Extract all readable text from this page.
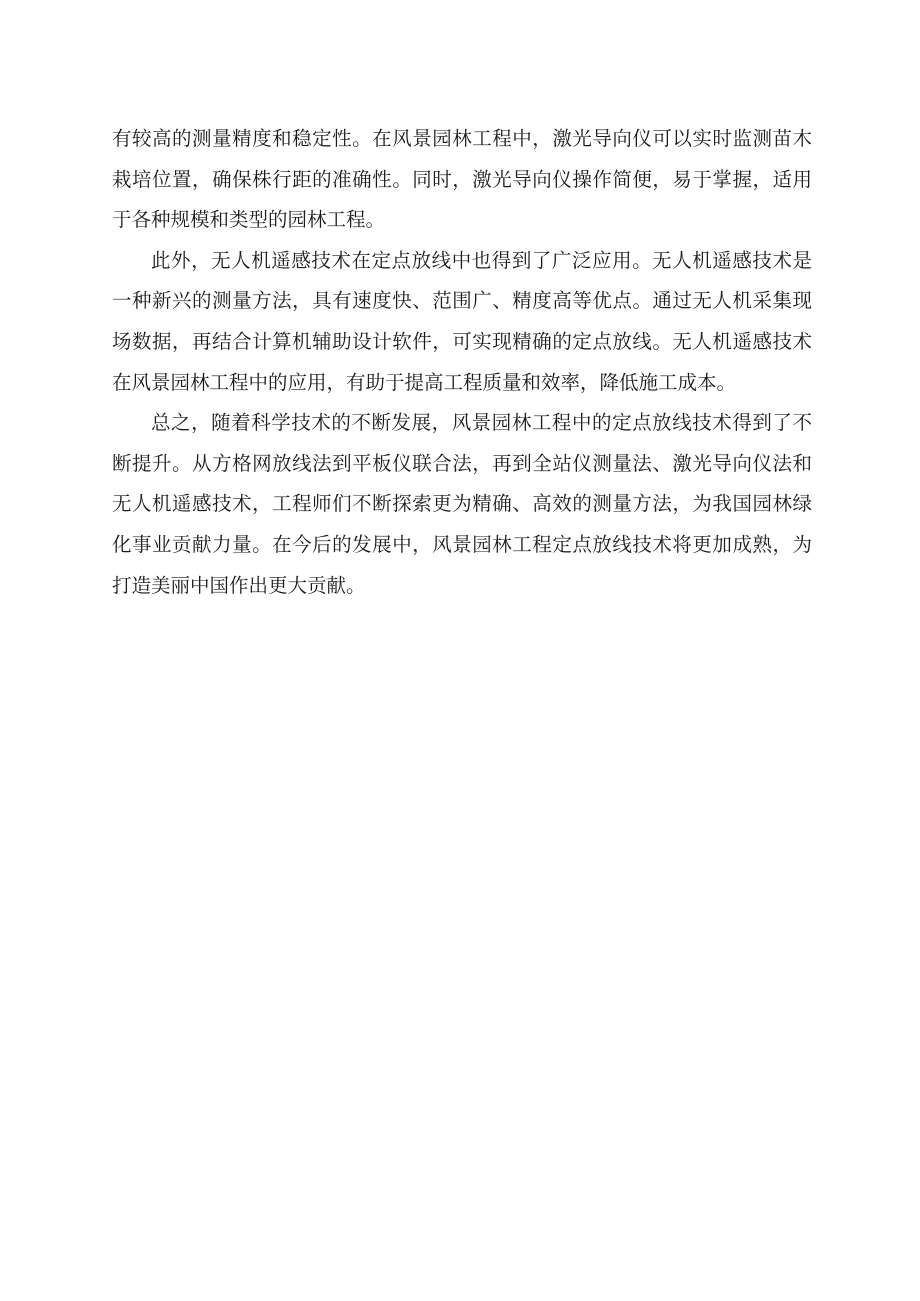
有较高的测量精度和稳定性。在风景园林工程中，激光导向仪可以实时监测苗木
栽培位置，确保株行距的准确性。同时，激光导向仪操作简便，易于掌握，适用
于各种规模和类型的园林工程。
此外，无人机遥感技术在定点放线中也得到了广泛应用。无人机遥感技术是
一种新兴的测量方法，具有速度快、范围广、精度高等优点。通过无人机采集现
场数据，再结合计算机辅助设计软件，可实现精确的定点放线。无人机遥感技术
在风景园林工程中的应用，有助于提高工程质量和效率，降低施工成本。
总之，随着科学技术的不断发展，风景园林工程中的定点放线技术得到了不
断提升。从方格网放线法到平板仪联合法，再到全站仪测量法、激光导向仪法和
无人机遥感技术，工程师们不断探索更为精确、高效的测量方法，为我国园林绿
化事业贡献力量。在今后的发展中，风景园林工程定点放线技术将更加成熟，为
打造美丽中国作出更大贡献。
